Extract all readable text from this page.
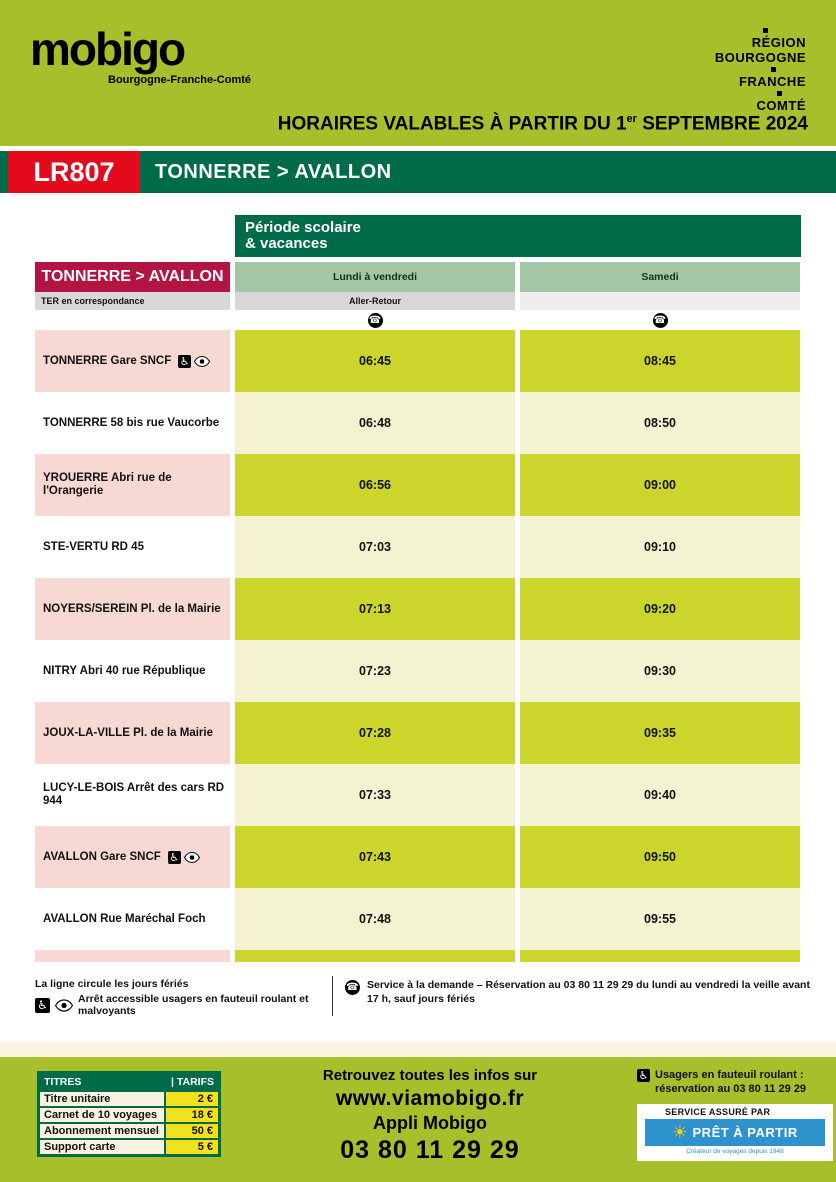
mobigo
Bourgogne-Franche-Comté
RÉGION
BOURGOGNE
FRANCHE
COMTÉ
HORAIRES VALABLES À PARTIR DU 1er SEPTEMBRE 2024
LR807	TONNERRE > AVALLON
Période scolaire
& vacances
TONNERRE > AVALLON	Lundi à vendredi	Samedi
TER en correspondance	Aller-Retour
☎	☎
TONNERRE Gare SNCF ♿	06:45	08:45
TONNERRE 58 bis rue Vaucorbe	06:48	08:50
YROUERRE Abri rue de l'Orangerie	06:56	09:00
STE-VERTU RD 45	07:03	09:10
NOYERS/SEREIN Pl. de la Mairie	07:13	09:20
NITRY Abri 40 rue République	07:23	09:30
JOUX-LA-VILLE Pl. de la Mairie	07:28	09:35
LUCY-LE-BOIS Arrêt des cars RD 944	07:33	09:40
AVALLON Gare SNCF ♿	07:43	09:50
AVALLON Rue Maréchal Foch	07:48	09:55
La ligne circule les jours fériés
♿	Arrêt accessible usagers en fauteuil roulant et malvoyants
☎ Service à la demande – Réservation au 03 80 11 29 29 du lundi au vendredi la veille avant 17 h, sauf jours fériés
TITRES	| TARIFS
Titre unitaire	2 €
Carnet de 10 voyages	18 €
Abonnement mensuel	50 €
Support carte	5 €
Retrouvez toutes les infos sur
www.viamobigo.fr
Appli Mobigo
03 80 11 29 29
♿ Usagers en fauteuil roulant :
réservation au 03 80 11 29 29
SERVICE ASSURÉ PAR
☀ PRÊT À PARTIR
Créateur de voyages depuis 1948
